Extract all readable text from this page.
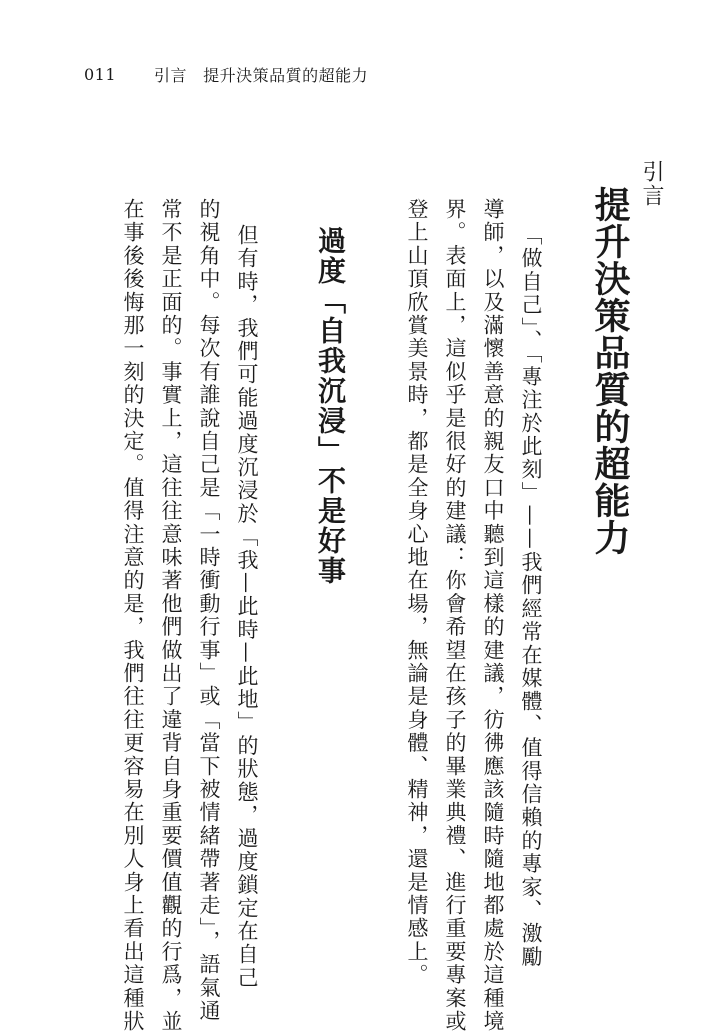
011 引言 提升決策品質的超能力
引言
提升決策品質的超能力
「做自己」、「專注於此刻」——我們經常在媒體、值得信賴的專家、激勵
導師，以及滿懷善意的親友口中聽到這樣的建議，彷彿應該隨時隨地都處於這種境
界。表面上，這似乎是很好的建議：你會希望在孩子的畢業典禮、進行重要專案或
登上山頂欣賞美景時，都是全身心地在場，無論是身體、精神，還是情感上。
過度「自我沉浸」不是好事
但有時，我們可能過度沉浸於「我—此時—此地」的狀態，過度鎖定在自己
的視角中。每次有誰說自己是「一時衝動行事」或「當下被情緒帶著走」，語氣通
常不是正面的。事實上，這往往意味著他們做出了違背自身重要價值觀的行爲，並
在事後後悔那一刻的決定。值得注意的是，我們往往更容易在別人身上看出這種狀
